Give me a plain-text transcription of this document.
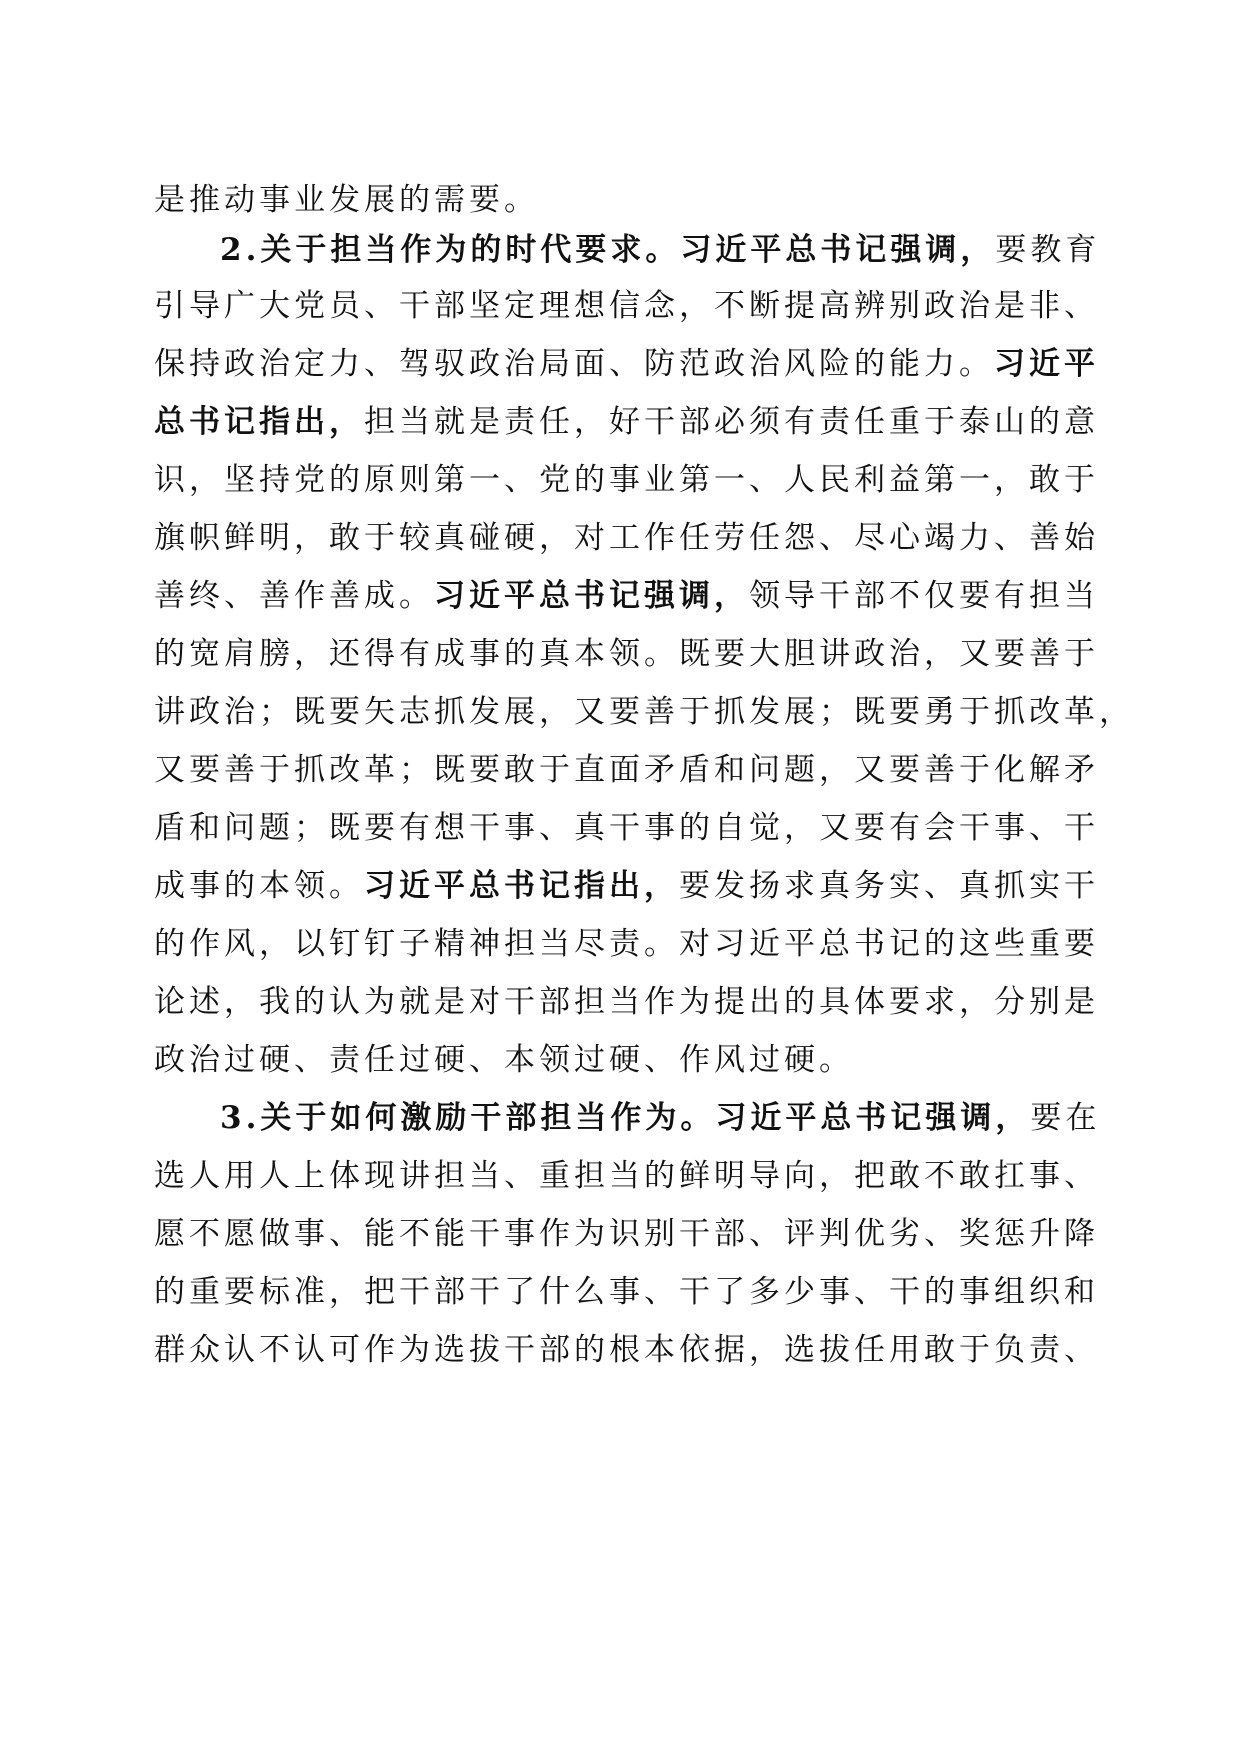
是推动事业发展的需要。
2.关于担当作为的时代要求。习近平总书记强调，要教育
引导广大党员、干部坚定理想信念，不断提高辨别政治是非、
保持政治定力、驾驭政治局面、防范政治风险的能力。习近平
总书记指出，担当就是责任，好干部必须有责任重于泰山的意
识，坚持党的原则第一、党的事业第一、人民利益第一，敢于
旗帜鲜明，敢于较真碰硬，对工作任劳任怨、尽心竭力、善始
善终、善作善成。习近平总书记强调，领导干部不仅要有担当
的宽肩膀，还得有成事的真本领。既要大胆讲政治，又要善于
讲政治；既要矢志抓发展，又要善于抓发展；既要勇于抓改革，
又要善于抓改革；既要敢于直面矛盾和问题，又要善于化解矛
盾和问题；既要有想干事、真干事的自觉，又要有会干事、干
成事的本领。习近平总书记指出，要发扬求真务实、真抓实干
的作风，以钉钉子精神担当尽责。对习近平总书记的这些重要
论述，我的认为就是对干部担当作为提出的具体要求，分别是
政治过硬、责任过硬、本领过硬、作风过硬。
3.关于如何激励干部担当作为。习近平总书记强调，要在
选人用人上体现讲担当、重担当的鲜明导向，把敢不敢扛事、
愿不愿做事、能不能干事作为识别干部、评判优劣、奖惩升降
的重要标准，把干部干了什么事、干了多少事、干的事组织和
群众认不认可作为选拔干部的根本依据，选拔任用敢于负责、
